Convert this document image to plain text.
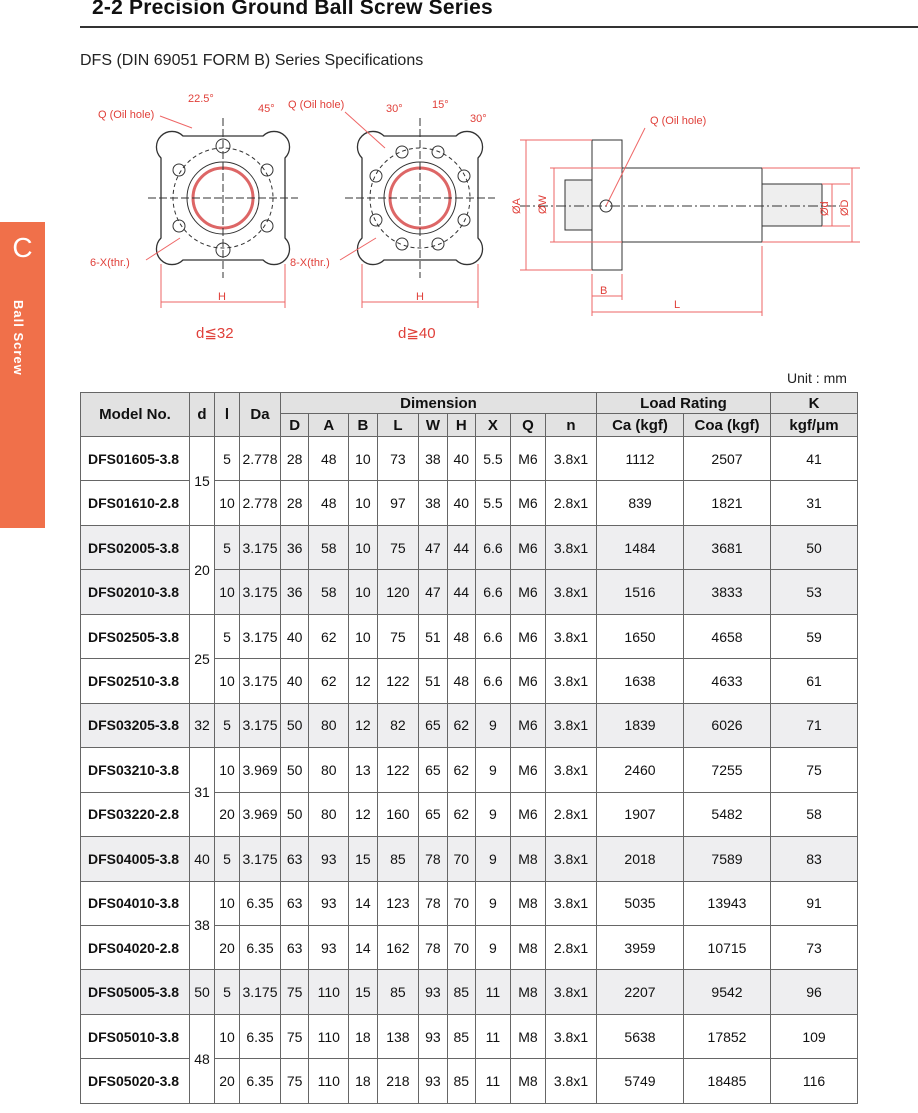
2-2 Precision Ground Ball Screw Series
DFS (DIN 69051 FORM B) Series Specifications
C
Ball Screw
22.5°
45°	30°	15°
30°
Q (Oil hole)
Q (Oil hole)
Q (Oil hole)
6-X(thr.)	8-X(thr.)
H	H	B
L
ØA ØW	Ød ØD
d≦32	d≧40
Unit : mm
Model No.	d	l	Da	Dimension									Load Rating		K
				D	A	B	L	W	H	X	Q	n	Ca (kgf)	Coa (kgf)	kgf/μm
DFS01605-3.8	15	5	2.778	28	48	10	73	38	40	5.5	M6	3.8x1	1112	2507	41
DFS01610-2.8		10	2.778	28	48	10	97	38	40	5.5	M6	2.8x1	839	1821	31
DFS02005-3.8	20	5	3.175	36	58	10	75	47	44	6.6	M6	3.8x1	1484	3681	50
DFS02010-3.8		10	3.175	36	58	10	120	47	44	6.6	M6	3.8x1	1516	3833	53
DFS02505-3.8	25	5	3.175	40	62	10	75	51	48	6.6	M6	3.8x1	1650	4658	59
DFS02510-3.8		10	3.175	40	62	12	122	51	48	6.6	M6	3.8x1	1638	4633	61
DFS03205-3.8	32	5	3.175	50	80	12	82	65	62	9	M6	3.8x1	1839	6026	71
DFS03210-3.8	31	10	3.969	50	80	13	122	65	62	9	M6	3.8x1	2460	7255	75
DFS03220-2.8		20	3.969	50	80	12	160	65	62	9	M6	2.8x1	1907	5482	58
DFS04005-3.8	40	5	3.175	63	93	15	85	78	70	9	M8	3.8x1	2018	7589	83
DFS04010-3.8	38	10	6.35	63	93	14	123	78	70	9	M8	3.8x1	5035	13943	91
DFS04020-2.8		20	6.35	63	93	14	162	78	70	9	M8	2.8x1	3959	10715	73
DFS05005-3.8	50	5	3.175	75	110	15	85	93	85	11	M8	3.8x1	2207	9542	96
DFS05010-3.8	48	10	6.35	75	110	18	138	93	85	11	M8	3.8x1	5638	17852	109
DFS05020-3.8		20	6.35	75	110	18	218	93	85	11	M8	3.8x1	5749	18485	116
